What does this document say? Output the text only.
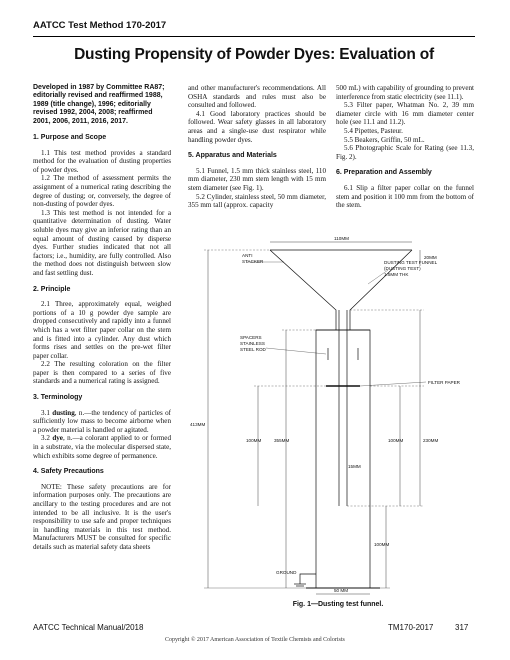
AATCC Test Method 170-2017
Dusting Propensity of Powder Dyes: Evaluation of
Developed in 1987 by Committee RA87; editorially revised and reaffirmed 1988, 1989 (title change), 1996; editorially revised 1992, 2004, 2008; reaffirmed 2001, 2006, 2011, 2016, 2017.
1. Purpose and Scope

1.1 This test method provides a standard method for the evaluation of dusting properties of powder dyes.

1.2 The method of assessment permits the assignment of a numerical rating describing the degree of dusting; or, conversely, the degree of non-dusting of powder dyes.

1.3 This test method is not intended for a quantitative determination of dusting. Water soluble dyes may give an inferior rating than an equal amount of dusting caused by disperse dyes. Further studies indicated that not all factors; i.e., humidity, are fully controlled. Also the method does not distinguish between slow and fast settling dust.

2. Principle

2.1 Three, approximately equal, weighed portions of a 10 g powder dye sample are dropped consecutively and rapidly into a funnel which has a wet filter paper collar on the stem and is fitted into a cylinder. Any dust which forms rises and settles on the pre-wet filter paper collar.

2.2 The resulting coloration on the filter paper is then compared to a series of five standards and a numerical rating is assigned.

3. Terminology

3.1 dusting, n.—the tendency of particles of sufficiently low mass to become airborne when a powder material is handled or agitated.

3.2 dye, n.—a colorant applied to or formed in a substrate, via the molecular dispersed state, which exhibits some degree of permanence.

4. Safety Precautions

NOTE: These safety precautions are for information purposes only. The precautions are ancillary to the testing procedures and are not intended to be all inclusive. It is the user's responsibility to use safe and proper techniques in handling materials in this test method. Manufacturers MUST be consulted for specific details such as material safety data sheets

and other manufacturer's recommendations. All OSHA standards and rules must also be consulted and followed.

4.1 Good laboratory practices should be followed. Wear safety glasses in all laboratory areas and a single-use dust respirator while handling powder dyes.

5. Apparatus and Materials

5.1 Funnel, 1.5 mm thick stainless steel, 110 mm diameter, 230 mm stem length with 15 mm stem diameter (see Fig. 1).

5.2 Cylinder, stainless steel, 50 mm diameter, 355 mm tall (approx. capacity

500 mL) with capability of grounding to prevent interference from static electricity (see 11.1).

5.3 Filter paper, Whatman No. 2, 39 mm diameter circle with 16 mm diameter center hole (see 11.1 and 11.2).

5.4 Pipettes, Pasteur.

5.5 Beakers, Griffin, 50 mL.

5.6 Photographic Scale for Rating (see 11.3, Fig. 2).

6. Preparation and Assembly

6.1 Slip a filter paper collar on the funnel stem and position it 100 mm from the bottom of the stem.

110MM
20MM
ANTI
STACKER	DUSTING TEST FUNNEL
(DUSTING TEST)
1.5MM THK
SPACERS
STAINLESS
STEEL ROD
FILTER PAPER
413MM
100MM	355MM	230MM
100MM
15MM
100MM
GROUND
50 MM
Fig. 1—Dusting test funnel.
AATCC Technical Manual/2018	TM170-2017	317
Copyright © 2017 American Association of Textile Chemists and Colorists
